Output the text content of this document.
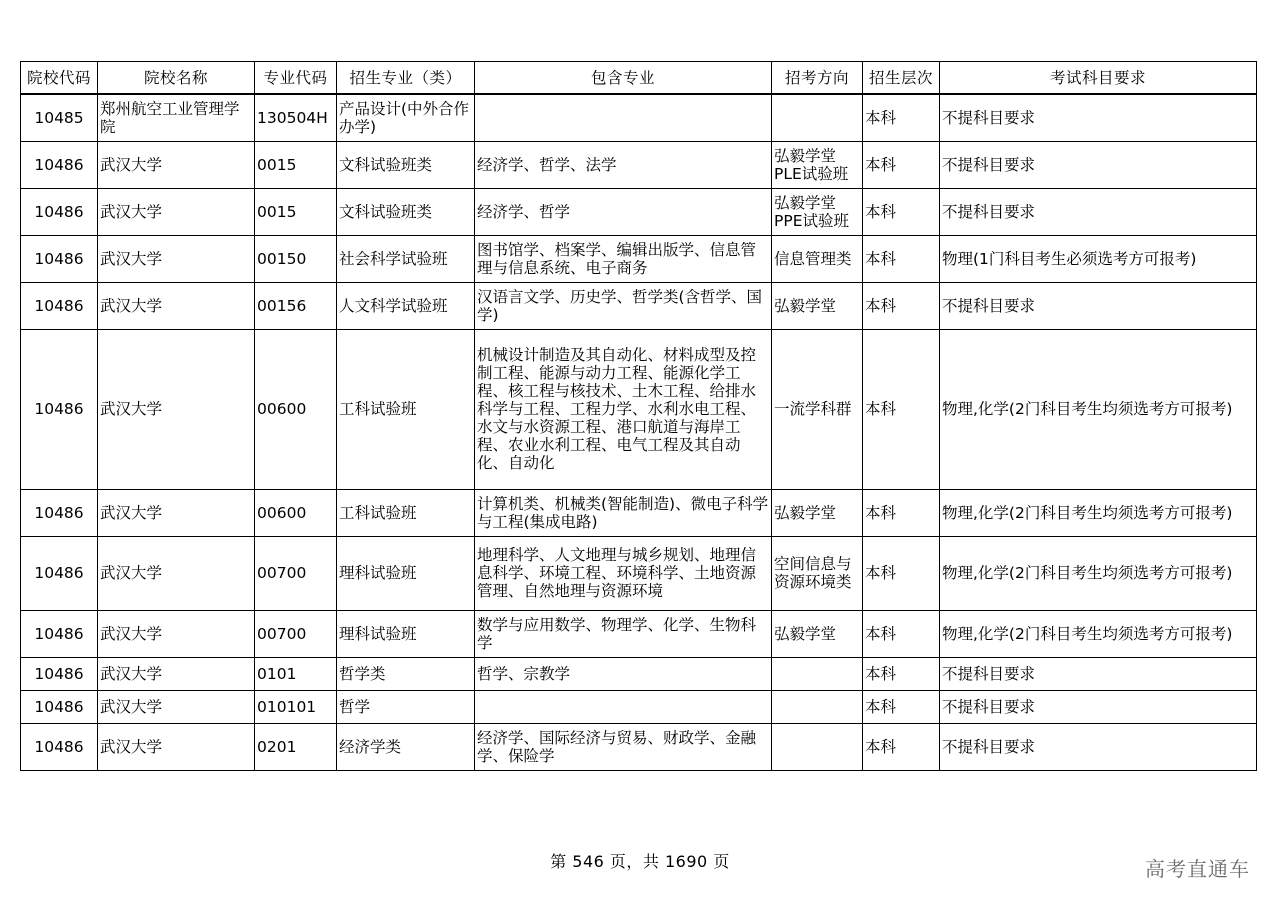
院校代码	院校名称	专业代码	招生专业（类）	包含专业	招考方向	招生层次	考试科目要求
10485	郑州航空工业管理学院	130504H	产品设计(中外合作办学)			本科	不提科目要求
10486	武汉大学	0015	文科试验班类	经济学、哲学、法学	弘毅学堂PLE试验班	本科	不提科目要求
10486	武汉大学	0015	文科试验班类	经济学、哲学	弘毅学堂PPE试验班	本科	不提科目要求
10486	武汉大学	00150	社会科学试验班	图书馆学、档案学、编辑出版学、信息管理与信息系统、电子商务	信息管理类	本科	物理(1门科目考生必须选考方可报考)
10486	武汉大学	00156	人文科学试验班	汉语言文学、历史学、哲学类(含哲学、国学)	弘毅学堂	本科	不提科目要求
10486	武汉大学	00600	工科试验班	机械设计制造及其自动化、材料成型及控制工程、能源与动力工程、能源化学工程、核工程与核技术、土木工程、给排水科学与工程、工程力学、水利水电工程、水文与水资源工程、港口航道与海岸工程、农业水利工程、电气工程及其自动化、自动化	一流学科群	本科	物理,化学(2门科目考生均须选考方可报考)
10486	武汉大学	00600	工科试验班	计算机类、机械类(智能制造)、微电子科学与工程(集成电路)	弘毅学堂	本科	物理,化学(2门科目考生均须选考方可报考)
10486	武汉大学	00700	理科试验班	地理科学、人文地理与城乡规划、地理信息科学、环境工程、环境科学、土地资源管理、自然地理与资源环境	空间信息与资源环境类	本科	物理,化学(2门科目考生均须选考方可报考)
10486	武汉大学	00700	理科试验班	数学与应用数学、物理学、化学、生物科学	弘毅学堂	本科	物理,化学(2门科目考生均须选考方可报考)
10486	武汉大学	0101	哲学类	哲学、宗教学		本科	不提科目要求
10486	武汉大学	010101	哲学			本科	不提科目要求
10486	武汉大学	0201	经济学类	经济学、国际经济与贸易、财政学、金融学、保险学		本科	不提科目要求
第 546 页，共 1690 页	高考直通车
